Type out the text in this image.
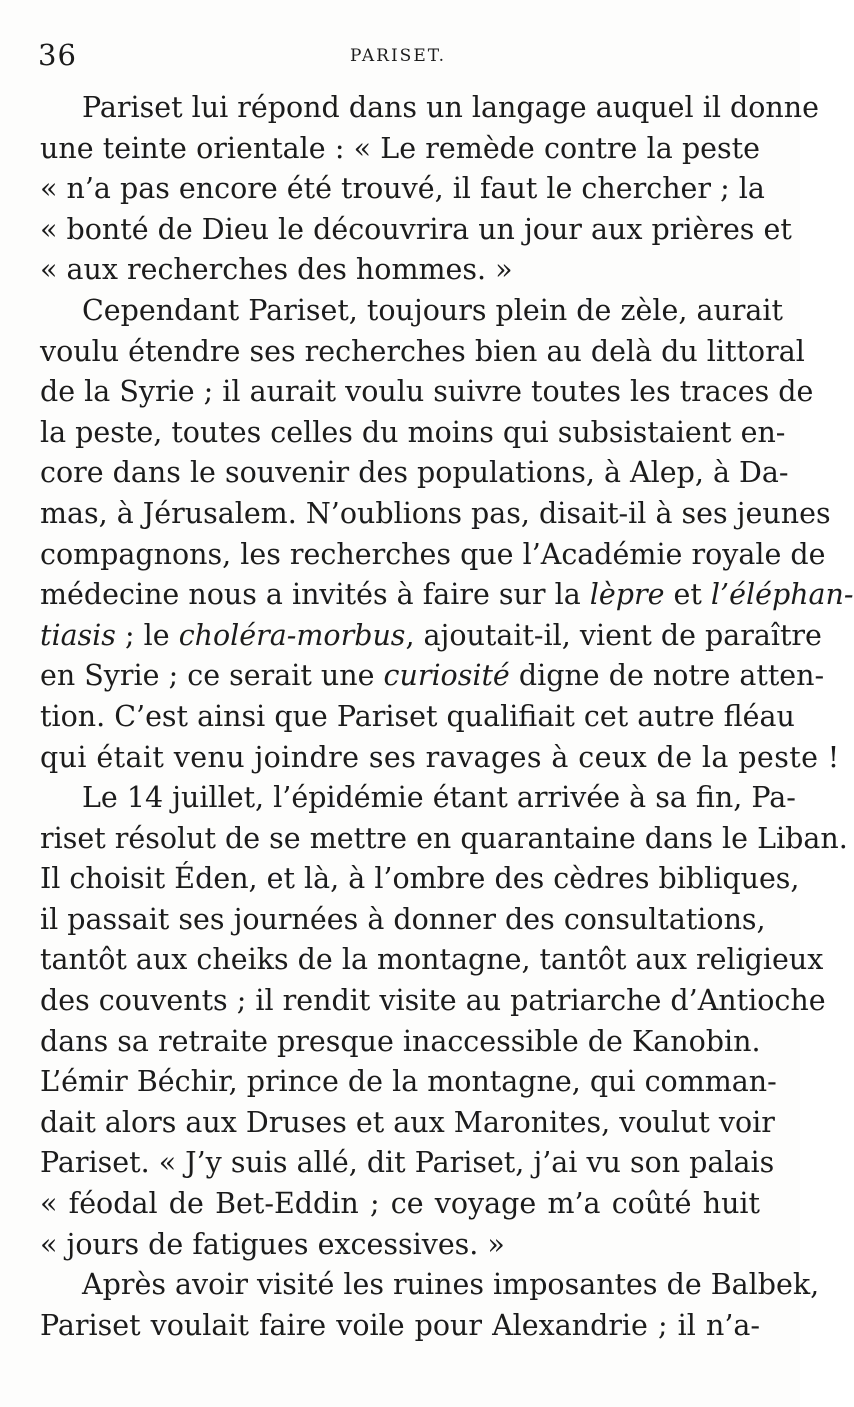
36	PARISET.
Pariset lui répond dans un langage auquel il donne
une teinte orientale : « Le remède contre la peste
« n’a pas encore été trouvé, il faut le chercher ; la
« bonté de Dieu le découvrira un jour aux prières et
« aux recherches des hommes. »
Cependant Pariset, toujours plein de zèle, aurait
voulu étendre ses recherches bien au delà du littoral
de la Syrie ; il aurait voulu suivre toutes les traces de
la peste, toutes celles du moins qui subsistaient en-
core dans le souvenir des populations, à Alep, à Da-
mas, à Jérusalem. N’oublions pas, disait-il à ses jeunes
compagnons, les recherches que l’Académie royale de
médecine nous a invités à faire sur la lèpre et l’éléphan-
tiasis ; le choléra-morbus, ajoutait-il, vient de paraître
en Syrie ; ce serait une curiosité digne de notre atten-
tion. C’est ainsi que Pariset qualifiait cet autre fléau
qui était venu joindre ses ravages à ceux de la peste !
Le 14 juillet, l’épidémie étant arrivée à sa fin, Pa-
riset résolut de se mettre en quarantaine dans le Liban.
Il choisit Éden, et là, à l’ombre des cèdres bibliques,
il passait ses journées à donner des consultations,
tantôt aux cheiks de la montagne, tantôt aux religieux
des couvents ; il rendit visite au patriarche d’Antioche
dans sa retraite presque inaccessible de Kanobin.
L’émir Béchir, prince de la montagne, qui comman-
dait alors aux Druses et aux Maronites, voulut voir
Pariset. « J’y suis allé, dit Pariset, j’ai vu son palais
« féodal de Bet-Eddin ; ce voyage m’a coûté huit
« jours de fatigues excessives. »
Après avoir visité les ruines imposantes de Balbek,
Pariset voulait faire voile pour Alexandrie ; il n’a-
